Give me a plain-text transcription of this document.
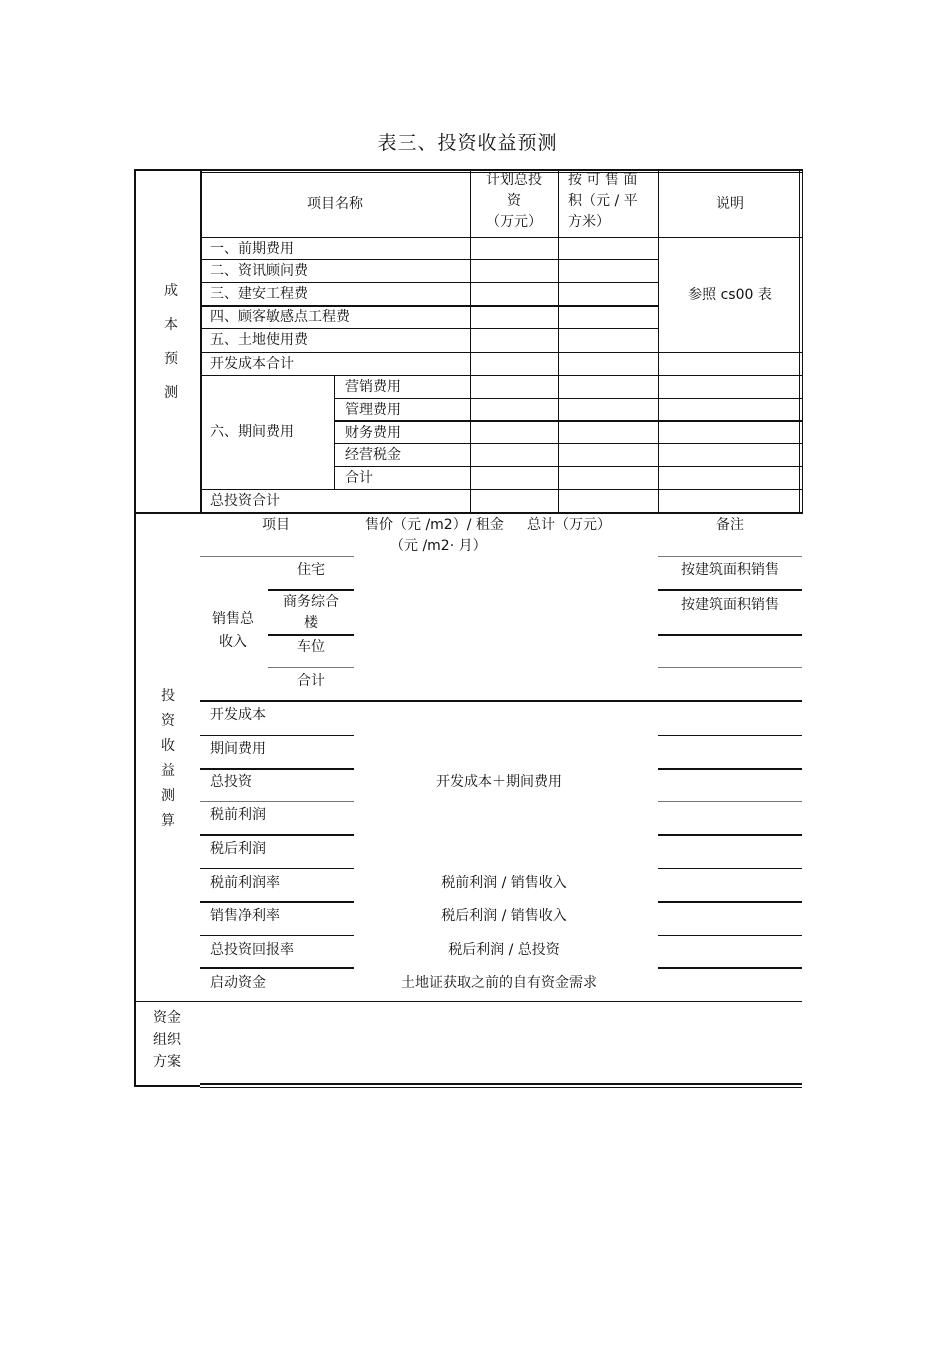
表三、投资收益预测
成
本
预
测
项目名称
计划总投
资
（万元）
按 可 售 面
积（元 / 平
方米）
说明
一、前期费用
二、资讯顾问费
三、建安工程费
四、顾客敏感点工程费
五、土地使用费
开发成本合计
六、期间费用
营销费用
管理费用
财务费用
经营税金
合计
总投资合计
参照 cs00 表
投
资
收
益
测
算
项目	售价（元 /m2）/ 租金
（元 /m2· 月）
总计（万元）	备注
销售总
收入
住宅
商务综合
楼
车位
合计
按建筑面积销售
按建筑面积销售
开发成本
期间费用
总投资
税前利润
税后利润
税前利润率
销售净利率
总投资回报率
启动资金
开发成本＋期间费用
税前利润 / 销售收入
税后利润 / 销售收入
税后利润 / 总投资
土地证获取之前的自有资金需求
资金
组织
方案
